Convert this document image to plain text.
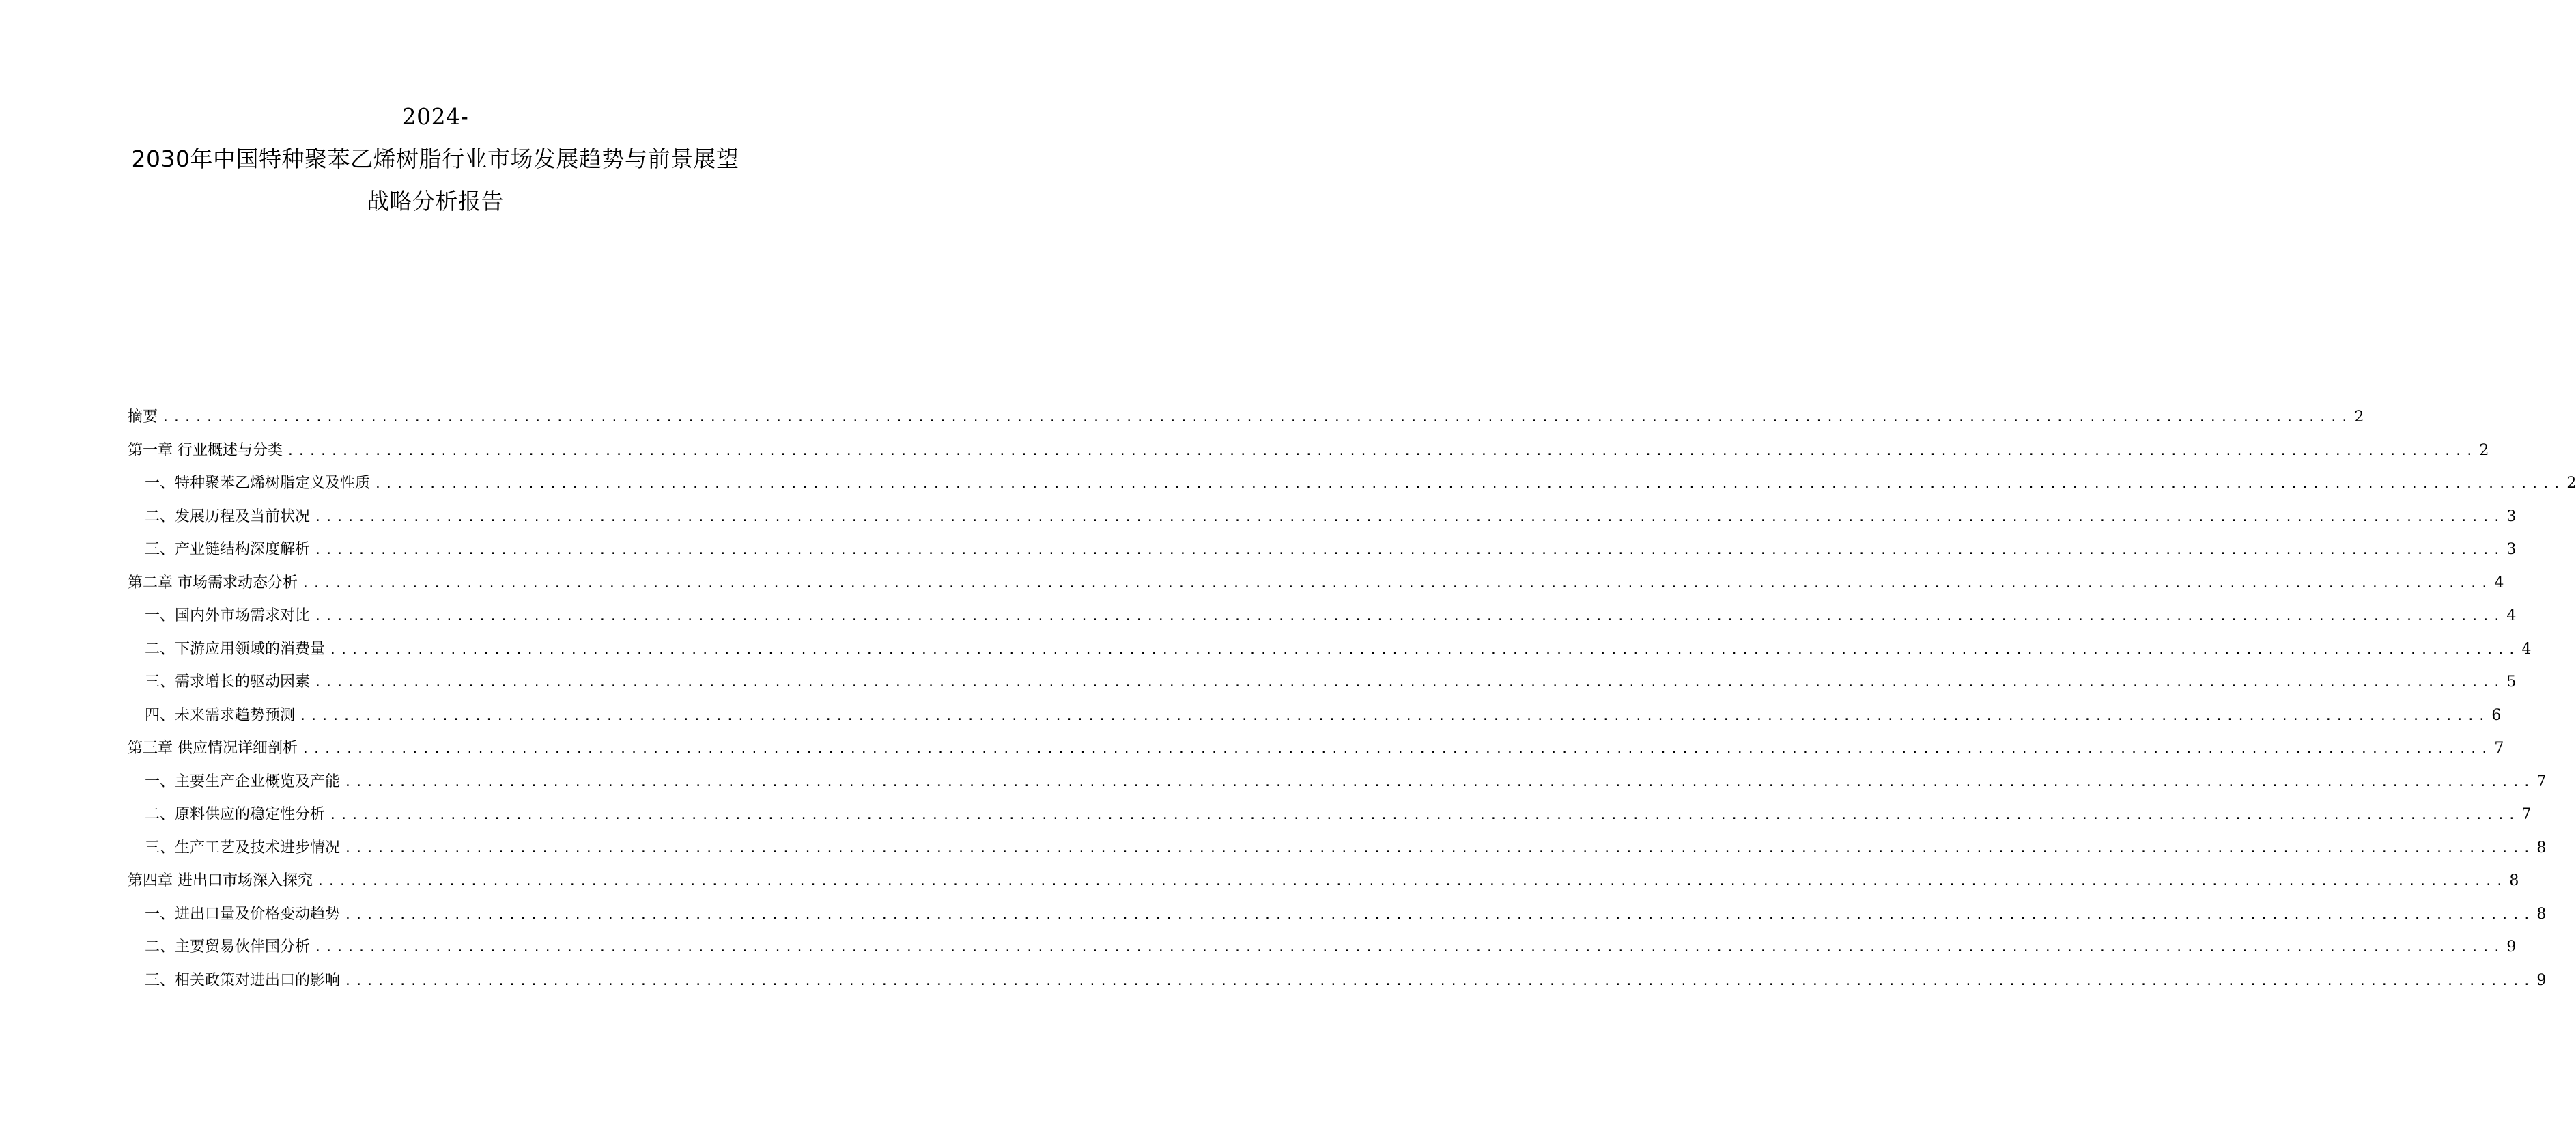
2024-
2030年中国特种聚苯乙烯树脂行业市场发展趋势与前景展望
战略分析报告
摘要 ........................................................................................................................................................................................................ 2
第一章 行业概述与分类 ........................................................................................................................................................................................................ 2
一、 特种聚苯乙烯树脂定义及性质 ........................................................................................................................................................................................................ 2
二、 发展历程及当前状况 ........................................................................................................................................................................................................ 3
三、 产业链结构深度解析 ........................................................................................................................................................................................................ 3
第二章 市场需求动态分析 ........................................................................................................................................................................................................ 4
一、 国内外市场需求对比 ........................................................................................................................................................................................................ 4
二、 下游应用领域的消费量 ........................................................................................................................................................................................................ 4
三、 需求增长的驱动因素 ........................................................................................................................................................................................................ 5
四、 未来需求趋势预测 ........................................................................................................................................................................................................ 6
第三章 供应情况详细剖析 ........................................................................................................................................................................................................ 7
一、 主要生产企业概览及产能 ........................................................................................................................................................................................................ 7
二、 原料供应的稳定性分析 ........................................................................................................................................................................................................ 7
三、 生产工艺及技术进步情况 ........................................................................................................................................................................................................ 8
第四章 进出口市场深入探究 ........................................................................................................................................................................................................ 8
一、 进出口量及价格变动趋势 ........................................................................................................................................................................................................ 8
二、 主要贸易伙伴国分析 ........................................................................................................................................................................................................ 9
三、 相关政策对进出口的影响 ........................................................................................................................................................................................................ 9
